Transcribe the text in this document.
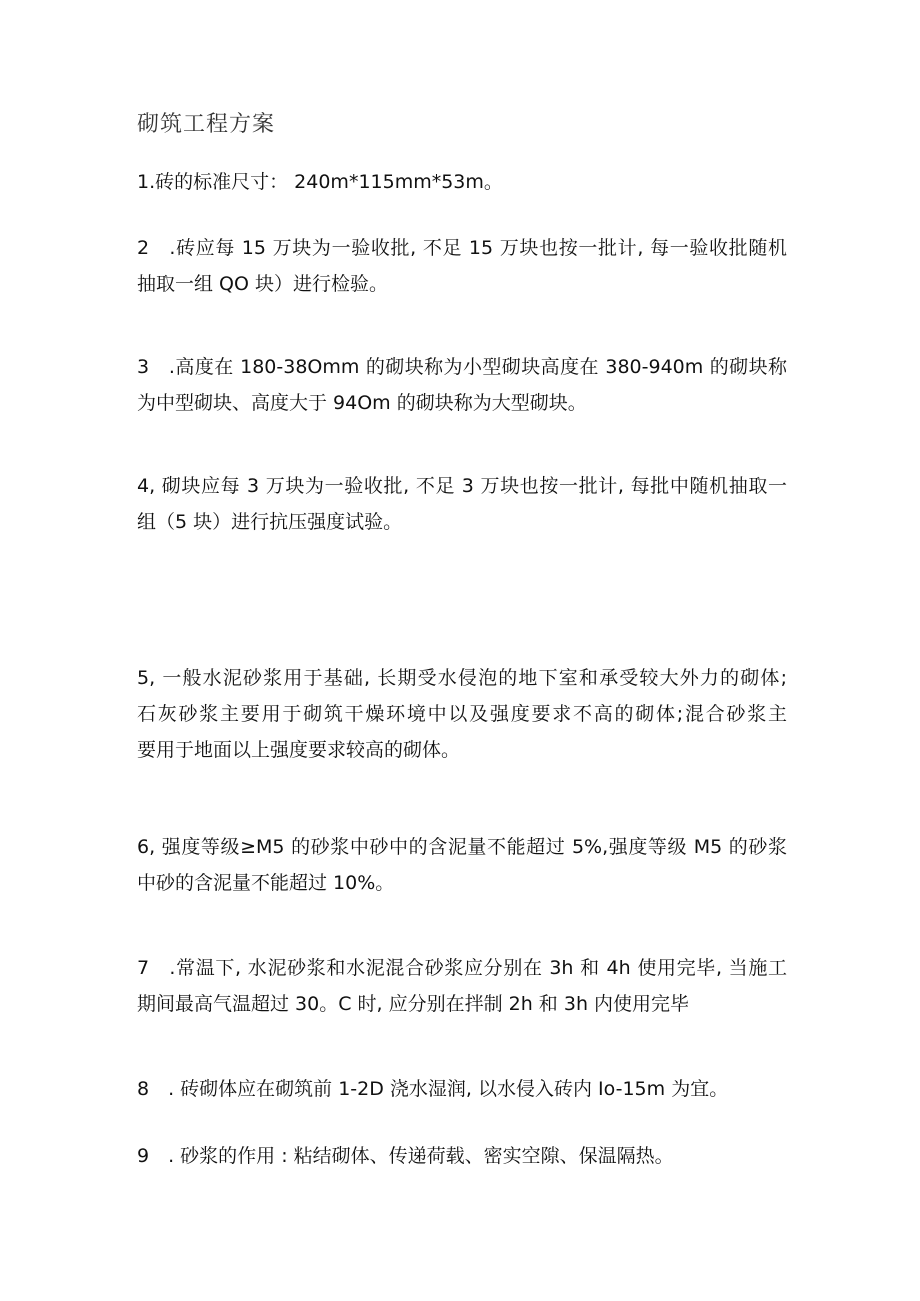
砌筑工程方案
1.砖的标准尺寸： 240m*115mm*53m。
2　.砖应每 15 万块为一验收批, 不足 15 万块也按一批计, 每一验收批随机
抽取一组 QO 块）进行检验。
3　.高度在 180-38Omm 的砌块称为小型砌块高度在 380-940m 的砌块称
为中型砌块、高度大于 94Om 的砌块称为大型砌块。
4, 砌块应每 3 万块为一验收批, 不足 3 万块也按一批计, 每批中随机抽取一
组（5 块）进行抗压强度试验。
5, 一般水泥砂浆用于基础, 长期受水侵泡的地下室和承受较大外力的砌体;
石灰砂浆主要用于砌筑干燥环境中以及强度要求不高的砌体;混合砂浆主
要用于地面以上强度要求较高的砌体。
6, 强度等级≥M5 的砂浆中砂中的含泥量不能超过 5%,强度等级 M5 的砂浆
中砂的含泥量不能超过 10%。
7　.常温下, 水泥砂浆和水泥混合砂浆应分别在 3h 和 4h 使用完毕, 当施工
期间最高气温超过 30。C 时, 应分别在拌制 2h 和 3h 内使用完毕
8　. 砖砌体应在砌筑前 1-2D 浇水湿润, 以水侵入砖内 Io-15m 为宜。
9　. 砂浆的作用 : 粘结砌体、传递荷载、密实空隙、保温隔热。
